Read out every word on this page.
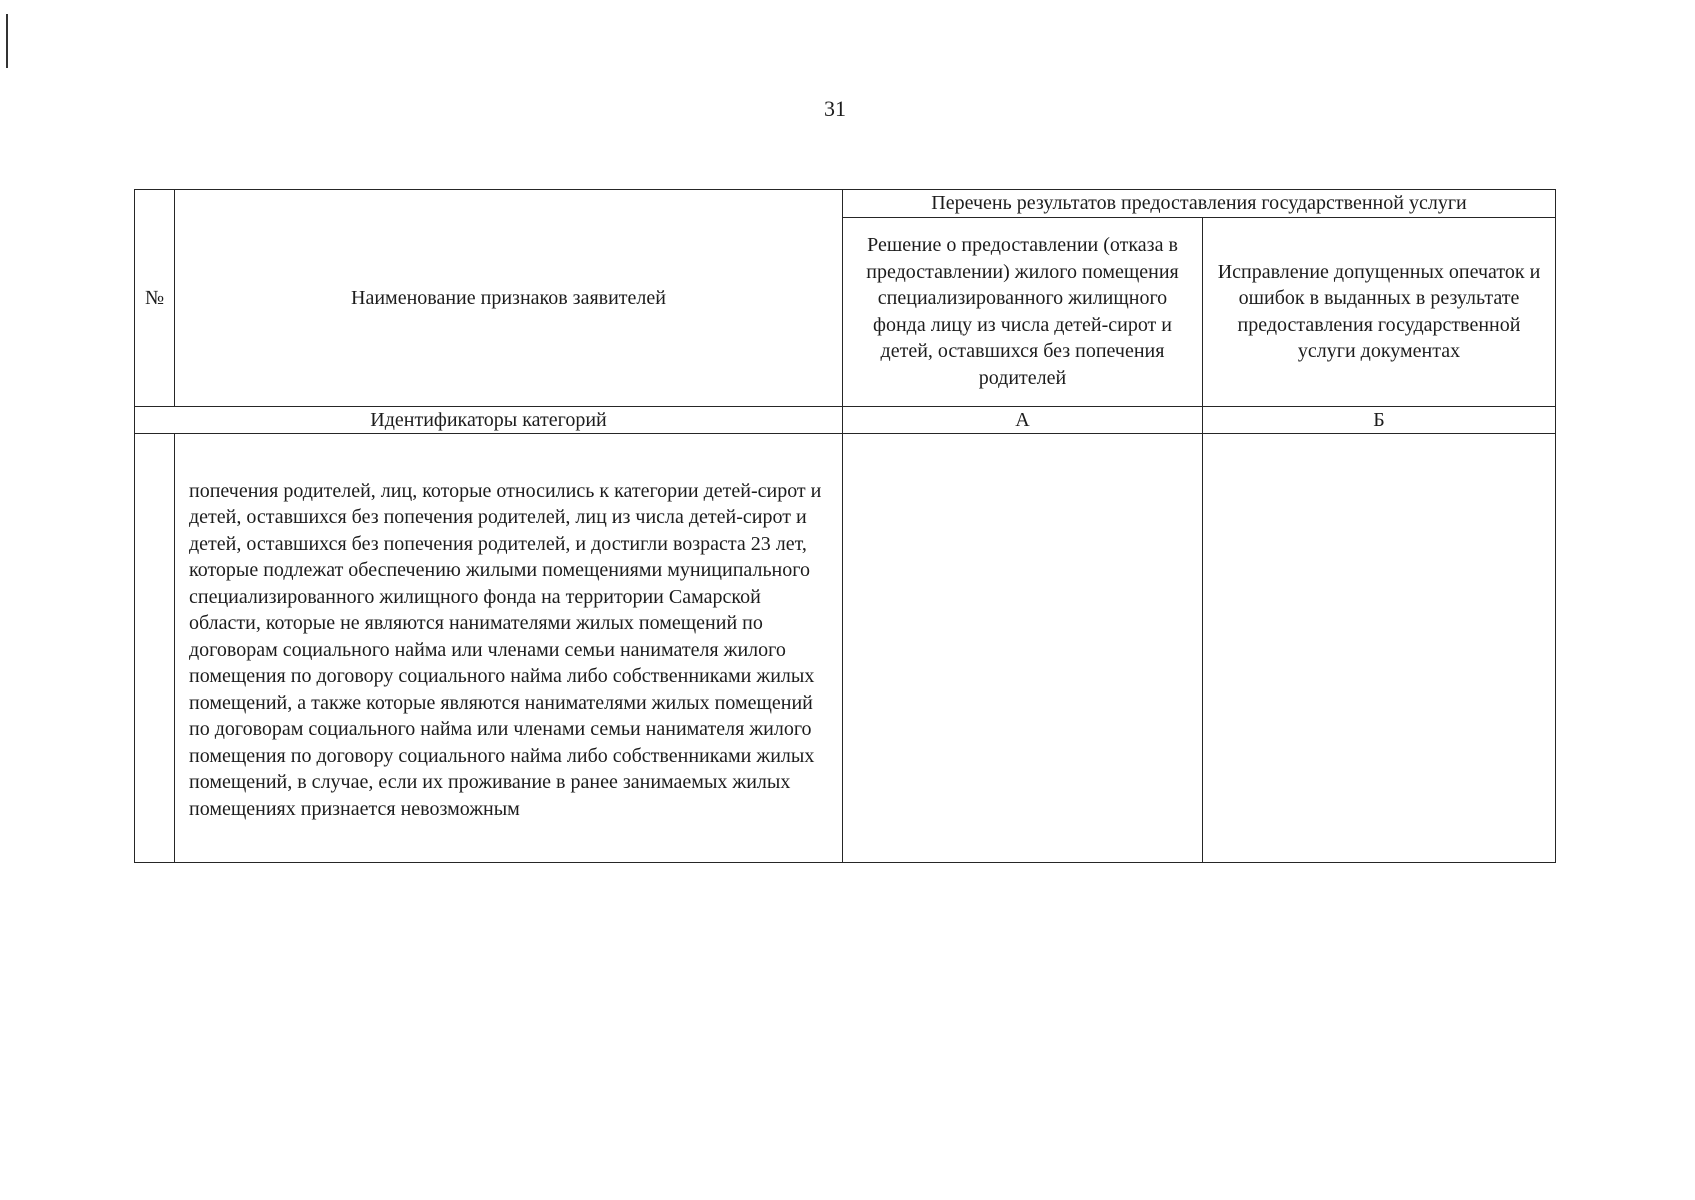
31
№	Наименование признаков заявителей	Перечень результатов предоставления государственной услуги	

		Решение о предоставлении (отказа в предоставлении) жилого помещения специализированного жилищного фонда лицу из числа детей-сирот и детей, оставшихся без попечения родителей	Исправление допущенных опечаток и ошибок в выданных в результате предоставления государственной услуги документах

Идентификаторы категорий		А	Б

	попечения родителей, лиц, которые относились к категории детей-сирот и детей, оставшихся без попечения родителей, лиц из числа детей-сирот и детей, оставшихся без попечения родителей, и достигли возраста 23 лет, которые подлежат обеспечению жилыми помещениями муниципального специализированного жилищного фонда на территории Самарской области, которые не являются нанимателями жилых помещений по договорам социального найма или членами семьи нанимателя жилого помещения по договору социального найма либо собственниками жилых помещений, а также которые являются нанимателями жилых помещений по договорам социального найма или членами семьи нанимателя жилого помещения по договору социального найма либо собственниками жилых помещений, в случае, если их проживание в ранее занимаемых жилых помещениях признается невозможным		
